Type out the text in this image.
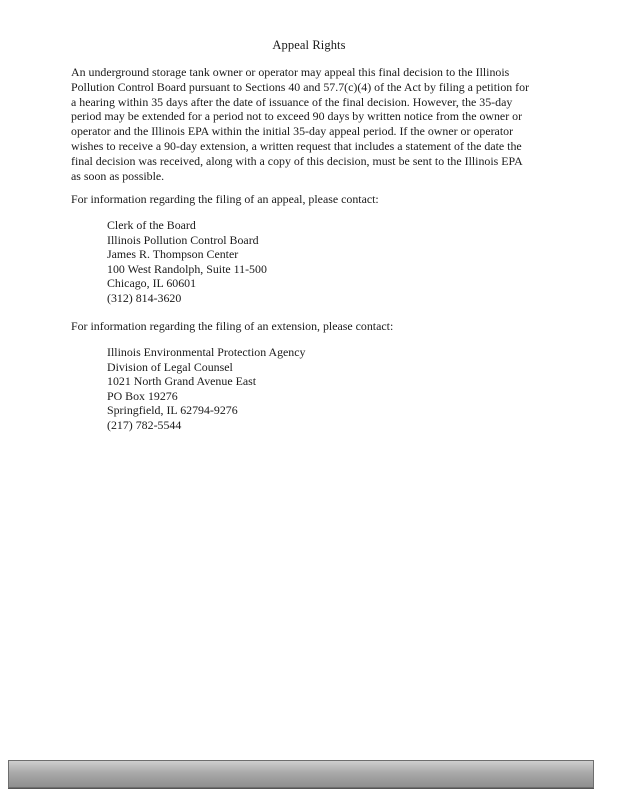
Appeal Rights

An underground storage tank owner or operator may appeal this final decision to the Illinois
Pollution Control Board pursuant to Sections 40 and 57.7(c)(4) of the Act by filing a petition for
a hearing within 35 days after the date of issuance of the final decision. However, the 35-day
period may be extended for a period not to exceed 90 days by written notice from the owner or
operator and the Illinois EPA within the initial 35-day appeal period. If the owner or operator
wishes to receive a 90-day extension, a written request that includes a statement of the date the
final decision was received, along with a copy of this decision, must be sent to the Illinois EPA
as soon as possible.

For information regarding the filing of an appeal, please contact:
Clerk of the Board
Illinois Pollution Control Board
James R. Thompson Center
100 West Randolph, Suite 11-500
Chicago, IL 60601
(312) 814-3620
For information regarding the filing of an extension, please contact:
Illinois Environmental Protection Agency
Division of Legal Counsel
1021 North Grand Avenue East
PO Box 19276
Springfield, IL 62794-9276
(217) 782-5544
